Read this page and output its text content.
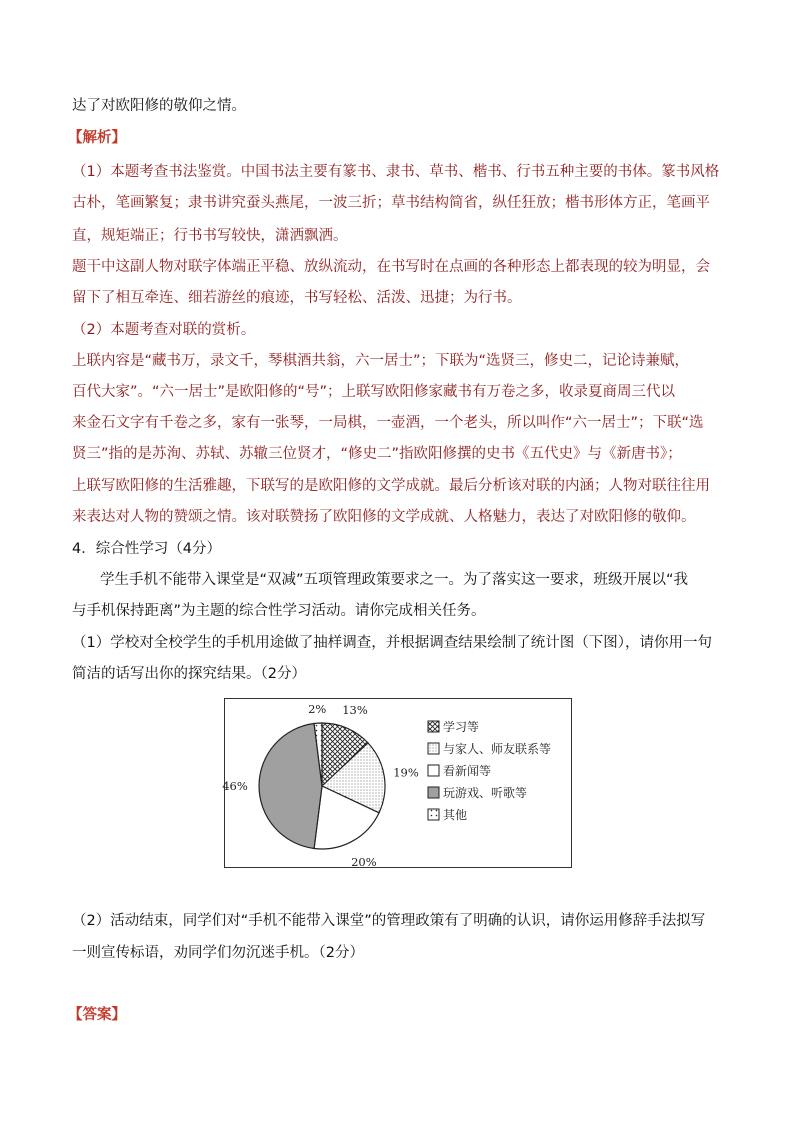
达了对欧阳修的敬仰之情。
【解析】
（1）本题考查书法鉴赏。中国书法主要有篆书、隶书、草书、楷书、行书五种主要的书体。篆书风格
古朴，笔画繁复；隶书讲究蚕头燕尾，一波三折；草书结构简省，纵任狂放；楷书形体方正，笔画平
直，规矩端正；行书书写较快，潇洒飘洒。
题干中这副人物对联字体端正平稳、放纵流动，在书写时在点画的各种形态上都表现的较为明显，会
留下了相互牵连、细若游丝的痕迹，书写轻松、活泼、迅捷；为行书。
（2）本题考查对联的赏析。
上联内容是“藏书万，录文千，琴棋酒共翁，六一居士”；下联为“选贤三，修史二，记论诗兼赋，
百代大家”。“六一居士”是欧阳修的“号”；上联写欧阳修家藏书有万卷之多，收录夏商周三代以
来金石文字有千卷之多，家有一张琴，一局棋，一壶酒，一个老头，所以叫作“六一居士”；下联“选
贤三”指的是苏洵、苏轼、苏辙三位贤才，“修史二”指欧阳修撰的史书《五代史》与《新唐书》；
上联写欧阳修的生活雅趣，下联写的是欧阳修的文学成就。最后分析该对联的内涵；人物对联往往用
来表达对人物的赞颂之情。该对联赞扬了欧阳修的文学成就、人格魅力，表达了对欧阳修的敬仰。
4．综合性学习（4分）
学生手机不能带入课堂是“双减”五项管理政策要求之一。为了落实这一要求，班级开展以“我
与手机保持距离”为主题的综合性学习活动。请你完成相关任务。
（1）学校对全校学生的手机用途做了抽样调查，并根据调查结果绘制了统计图（下图），请你用一句
简洁的话写出你的探究结果。（2分）
13%
19%
20%
46%
2%
学习等
与家人、师友联系等
看新闻等
玩游戏、听歌等
其他
（2）活动结束，同学们对“手机不能带入课堂”的管理政策有了明确的认识，请你运用修辞手法拟写
一则宣传标语，劝同学们勿沉迷手机。（2分）
【答案】
